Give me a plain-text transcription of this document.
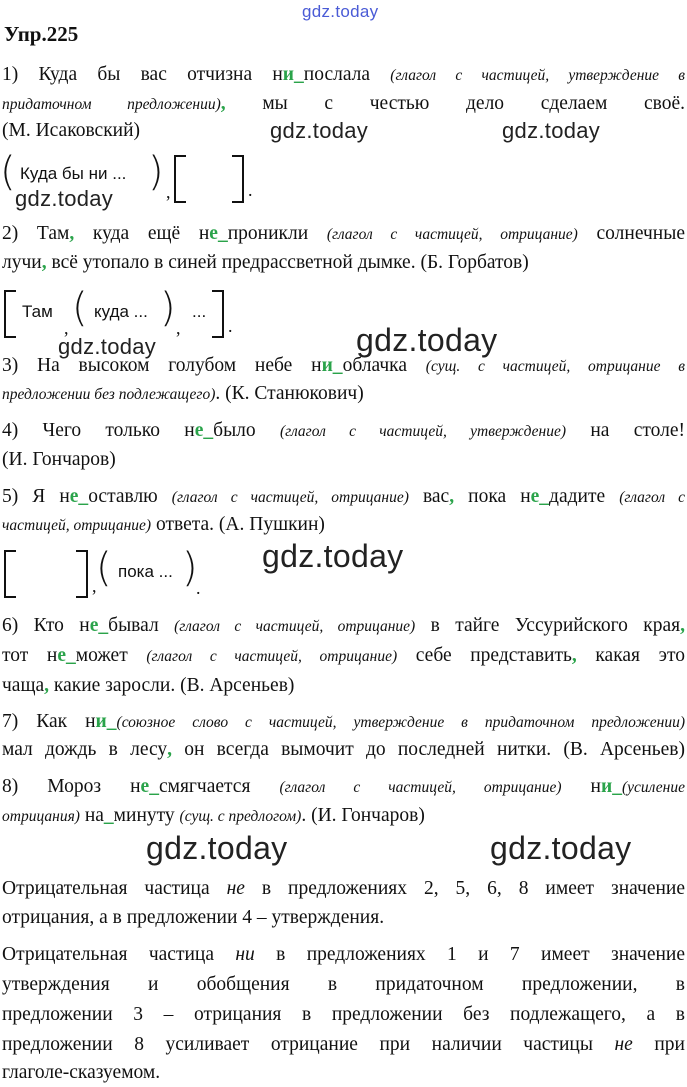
gdz.today
gdz.today	gdz.today
gdz.today
gdz.today
gdz.today
gdz.today
gdz.today	gdz.today
Упр.225
1) Куда бы вас отчизна ни_послала (глагол с частицей, утверждение в
придаточном предложении), мы с честью дело сделаем своё.
(М. Исаковский)
( Куда бы ни ... ) ,	.
2) Там, куда ещё не_проникли (глагол с частицей, отрицание) солнечные
лучи, всё утопало в синей предрассветной дымке. (Б. Горбатов)
Там
, ( куда ... ) ,
...
.
3) На высоком голубом небе ни_облачка (сущ. с частицей, отрицание в
предложении без подлежащего). (К. Станюкович)
4) Чего только не_было (глагол с частицей, утверждение) на столе!
(И. Гончаров)
5) Я не_оставлю (глагол с частицей, отрицание) вас, пока не_дадите (глагол с
частицей, отрицание) ответа. (А. Пушкин)
, ( пока ... )
.
6) Кто не_бывал (глагол с частицей, отрицание) в тайге Уссурийского края,
тот не_может (глагол с частицей, отрицание) себе представить, какая это
чаща, какие заросли. (В. Арсеньев)
7) Как ни_(союзное слово с частицей, утверждение в придаточном предложении)
мал дождь в лесу, он всегда вымочит до последней нитки. (В. Арсеньев)
8) Мороз не_смягчается (глагол с частицей, отрицание) ни_(усиление
отрицания) на_минуту (сущ. с предлогом). (И. Гончаров)
Отрицательная частица не в предложениях 2, 5, 6, 8 имеет значение
отрицания, а в предложении 4 – утверждения.
Отрицательная частица ни в предложениях 1 и 7 имеет значение
утверждения и обобщения в придаточном предложении, в
предложении 3 – отрицания в предложении без подлежащего, а в
предложении 8 усиливает отрицание при наличии частицы не при
глаголе-сказуемом.
